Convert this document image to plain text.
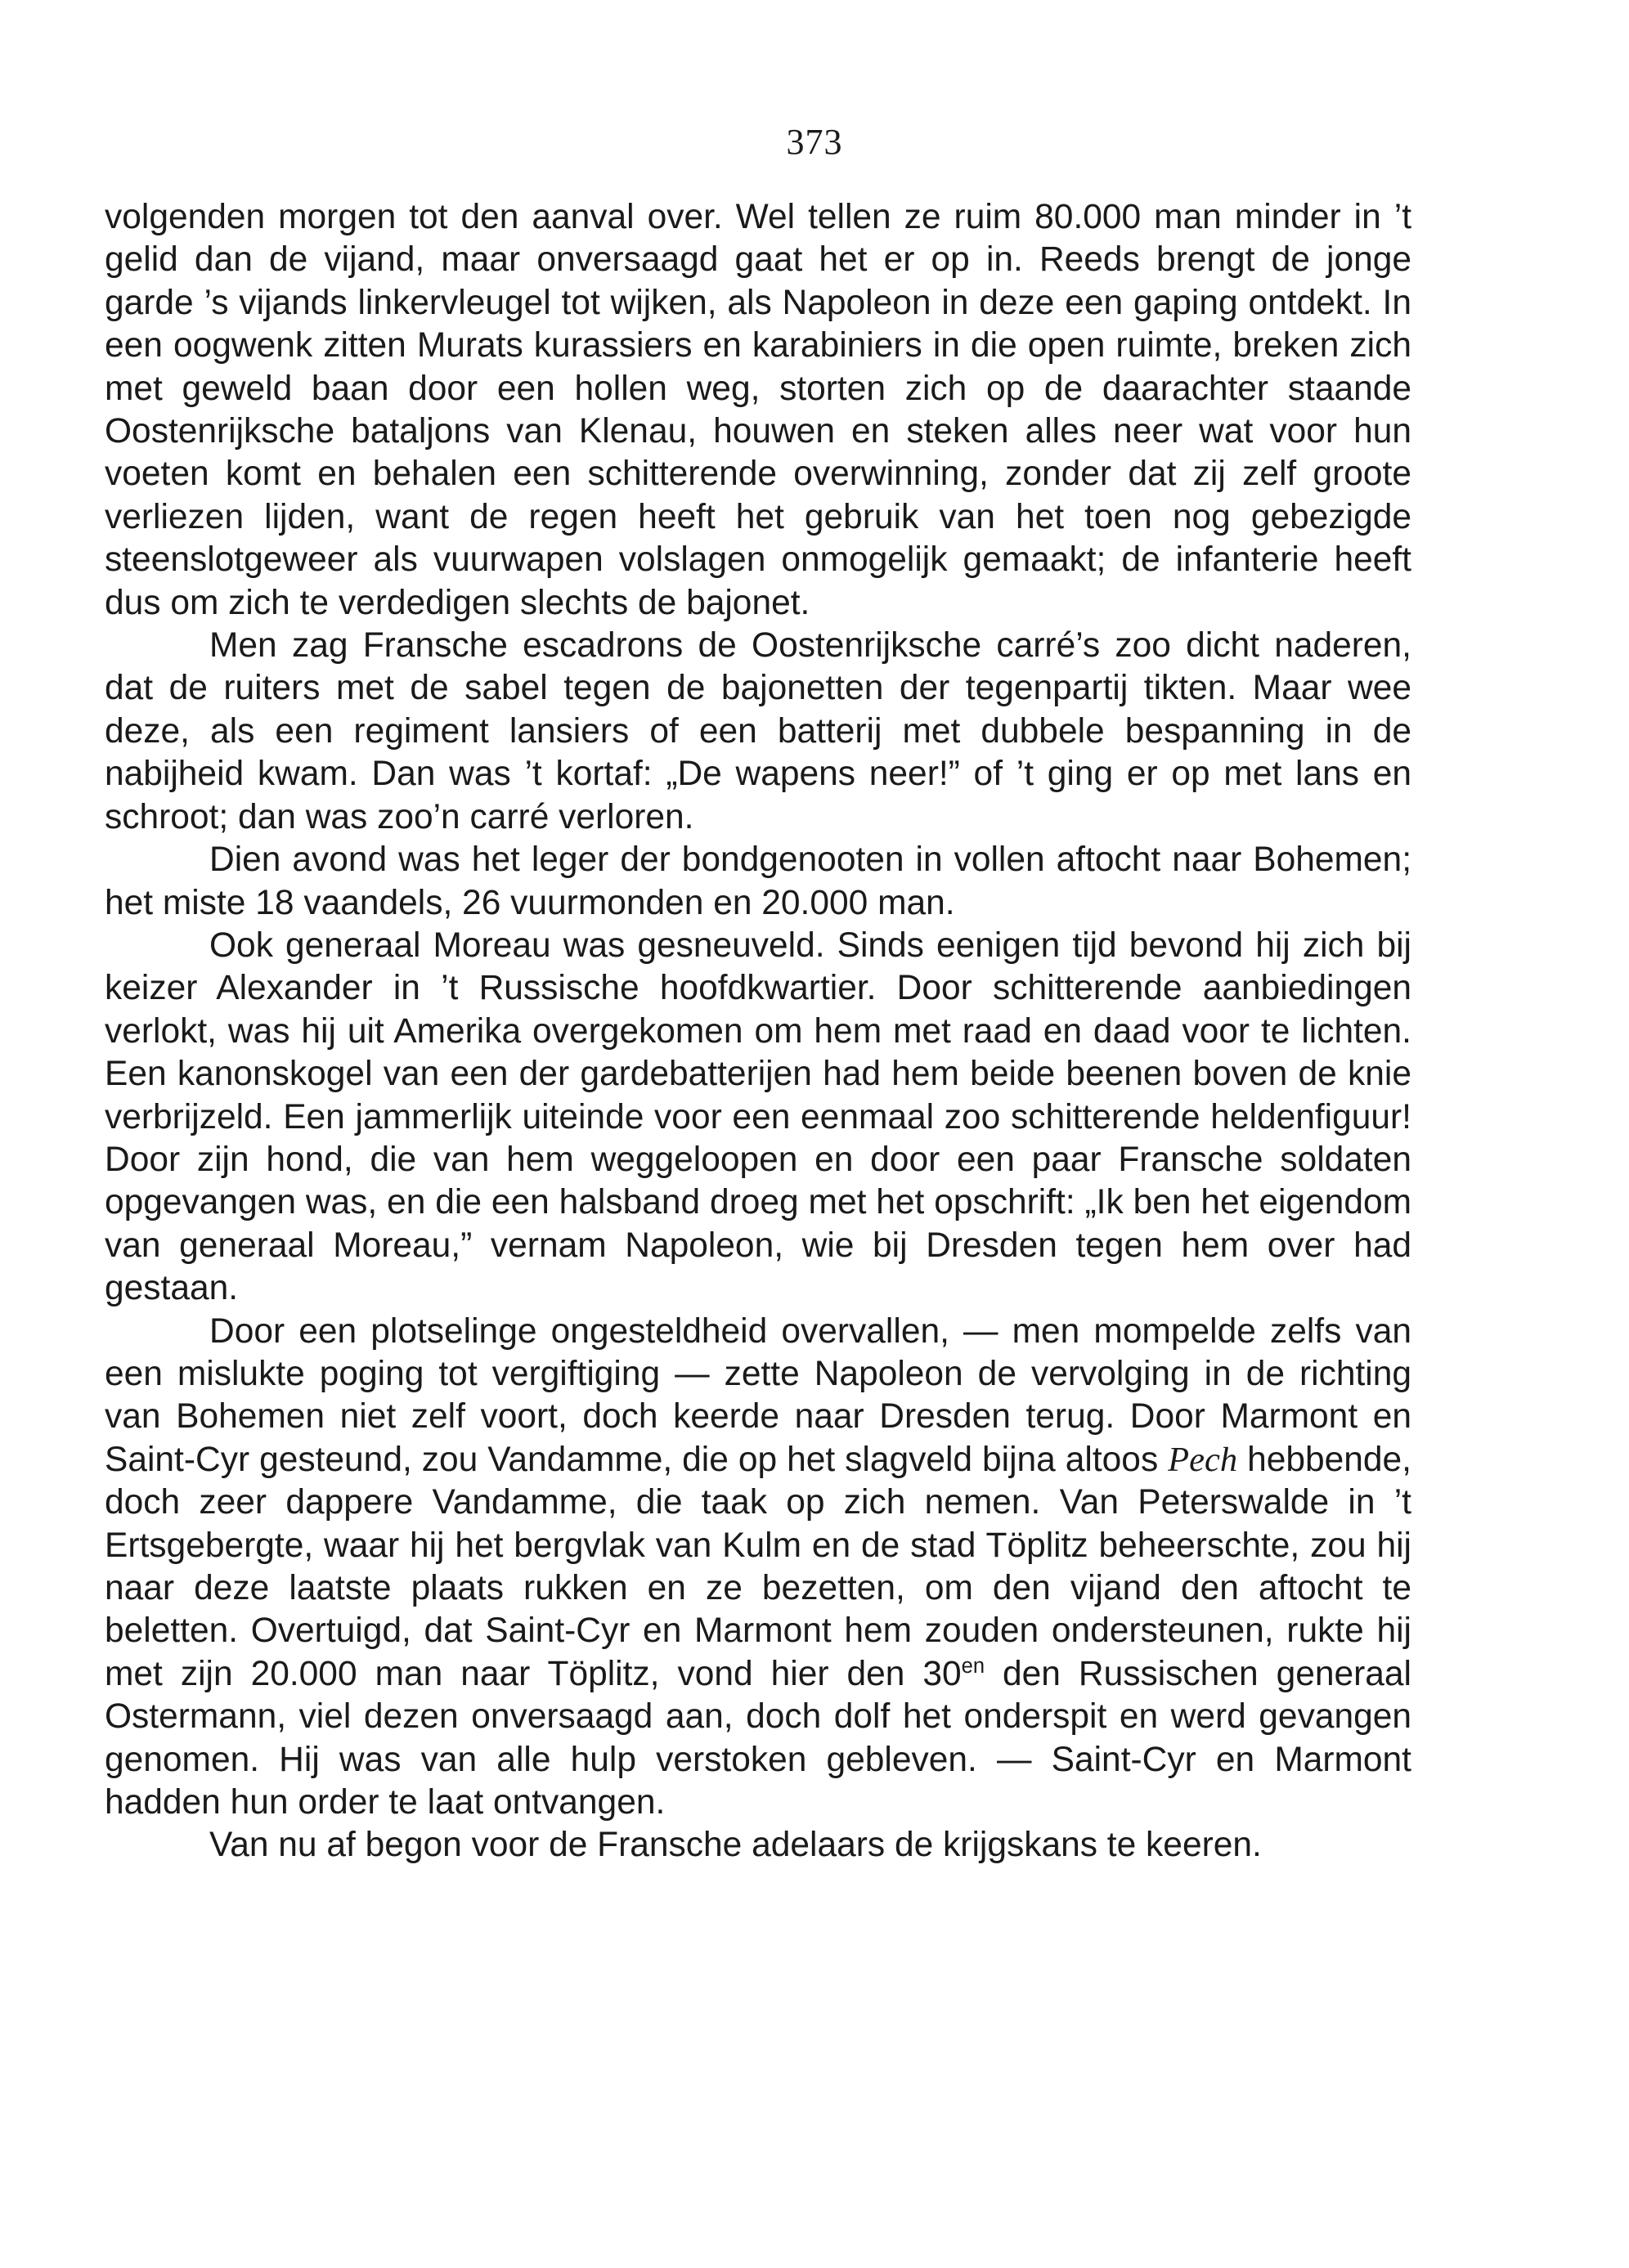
373

volgenden morgen tot den aanval over. Wel tellen ze ruim 80.000 man minder in ’t gelid dan de vijand, maar onversaagd gaat het er op in. Reeds brengt de jonge garde ’s vijands linkervleugel tot wijken, als Napoleon in deze een gaping ontdekt. In een oogwenk zitten Murats kurassiers en karabiniers in die open ruimte, breken zich met geweld baan door een hollen weg, storten zich op de daarachter staande Oostenrijksche bataljons van Klenau, houwen en steken alles neer wat voor hun voeten komt en behalen een schitterende overwinning, zonder dat zij zelf groote verliezen lijden, want de regen heeft het gebruik van het toen nog gebezigde steenslotgeweer als vuurwapen volslagen onmogelijk gemaakt; de infanterie heeft dus om zich te verdedigen slechts de bajonet.

Men zag Fransche escadrons de Oostenrijksche carré’s zoo dicht naderen, dat de ruiters met de sabel tegen de bajonetten der tegenpartij tikten. Maar wee deze, als een regiment lansiers of een batterij met dubbele bespanning in de nabijheid kwam. Dan was ’t kortaf: „De wapens neer!” of ’t ging er op met lans en schroot; dan was zoo’n carré verloren.

Dien avond was het leger der bondgenooten in vollen aftocht naar Bohemen; het miste 18 vaandels, 26 vuurmonden en 20.000 man.

Ook generaal Moreau was gesneuveld. Sinds eenigen tijd bevond hij zich bij keizer Alexander in ’t Russische hoofdkwartier. Door schitterende aanbiedingen verlokt, was hij uit Amerika overgekomen om hem met raad en daad voor te lichten. Een kanonskogel van een der gardebatterijen had hem beide beenen boven de knie verbrijzeld. Een jammerlijk uiteinde voor een eenmaal zoo schitterende heldenfiguur! Door zijn hond, die van hem weggeloopen en door een paar Fransche soldaten opgevangen was, en die een halsband droeg met het opschrift: „Ik ben het eigendom van generaal Moreau,” vernam Napoleon, wie bij Dresden tegen hem over had gestaan.

Door een plotselinge ongesteldheid overvallen, — men mompelde zelfs van een mislukte poging tot vergiftiging — zette Napoleon de vervolging in de richting van Bohemen niet zelf voort, doch keerde naar Dresden terug. Door Marmont en Saint-Cyr gesteund, zou Vandamme, die op het slagveld bijna altoos Pech hebbende, doch zeer dappere Vandamme, die taak op zich nemen. Van Peterswalde in ’t Ertsgebergte, waar hij het bergvlak van Kulm en de stad Töplitz beheerschte, zou hij naar deze laatste plaats rukken en ze bezetten, om den vijand den aftocht te beletten. Overtuigd, dat Saint-Cyr en Marmont hem zouden ondersteunen, rukte hij met zijn 20.000 man naar Töplitz, vond hier den $30^{en}$ den Russischen generaal Ostermann, viel dezen onversaagd aan, doch dolf het onderspit en werd gevangen genomen. Hij was van alle hulp verstoken gebleven. — Saint-Cyr en Marmont hadden hun order te laat ontvangen.

Van nu af begon voor de Fransche adelaars de krijgskans te keeren.
